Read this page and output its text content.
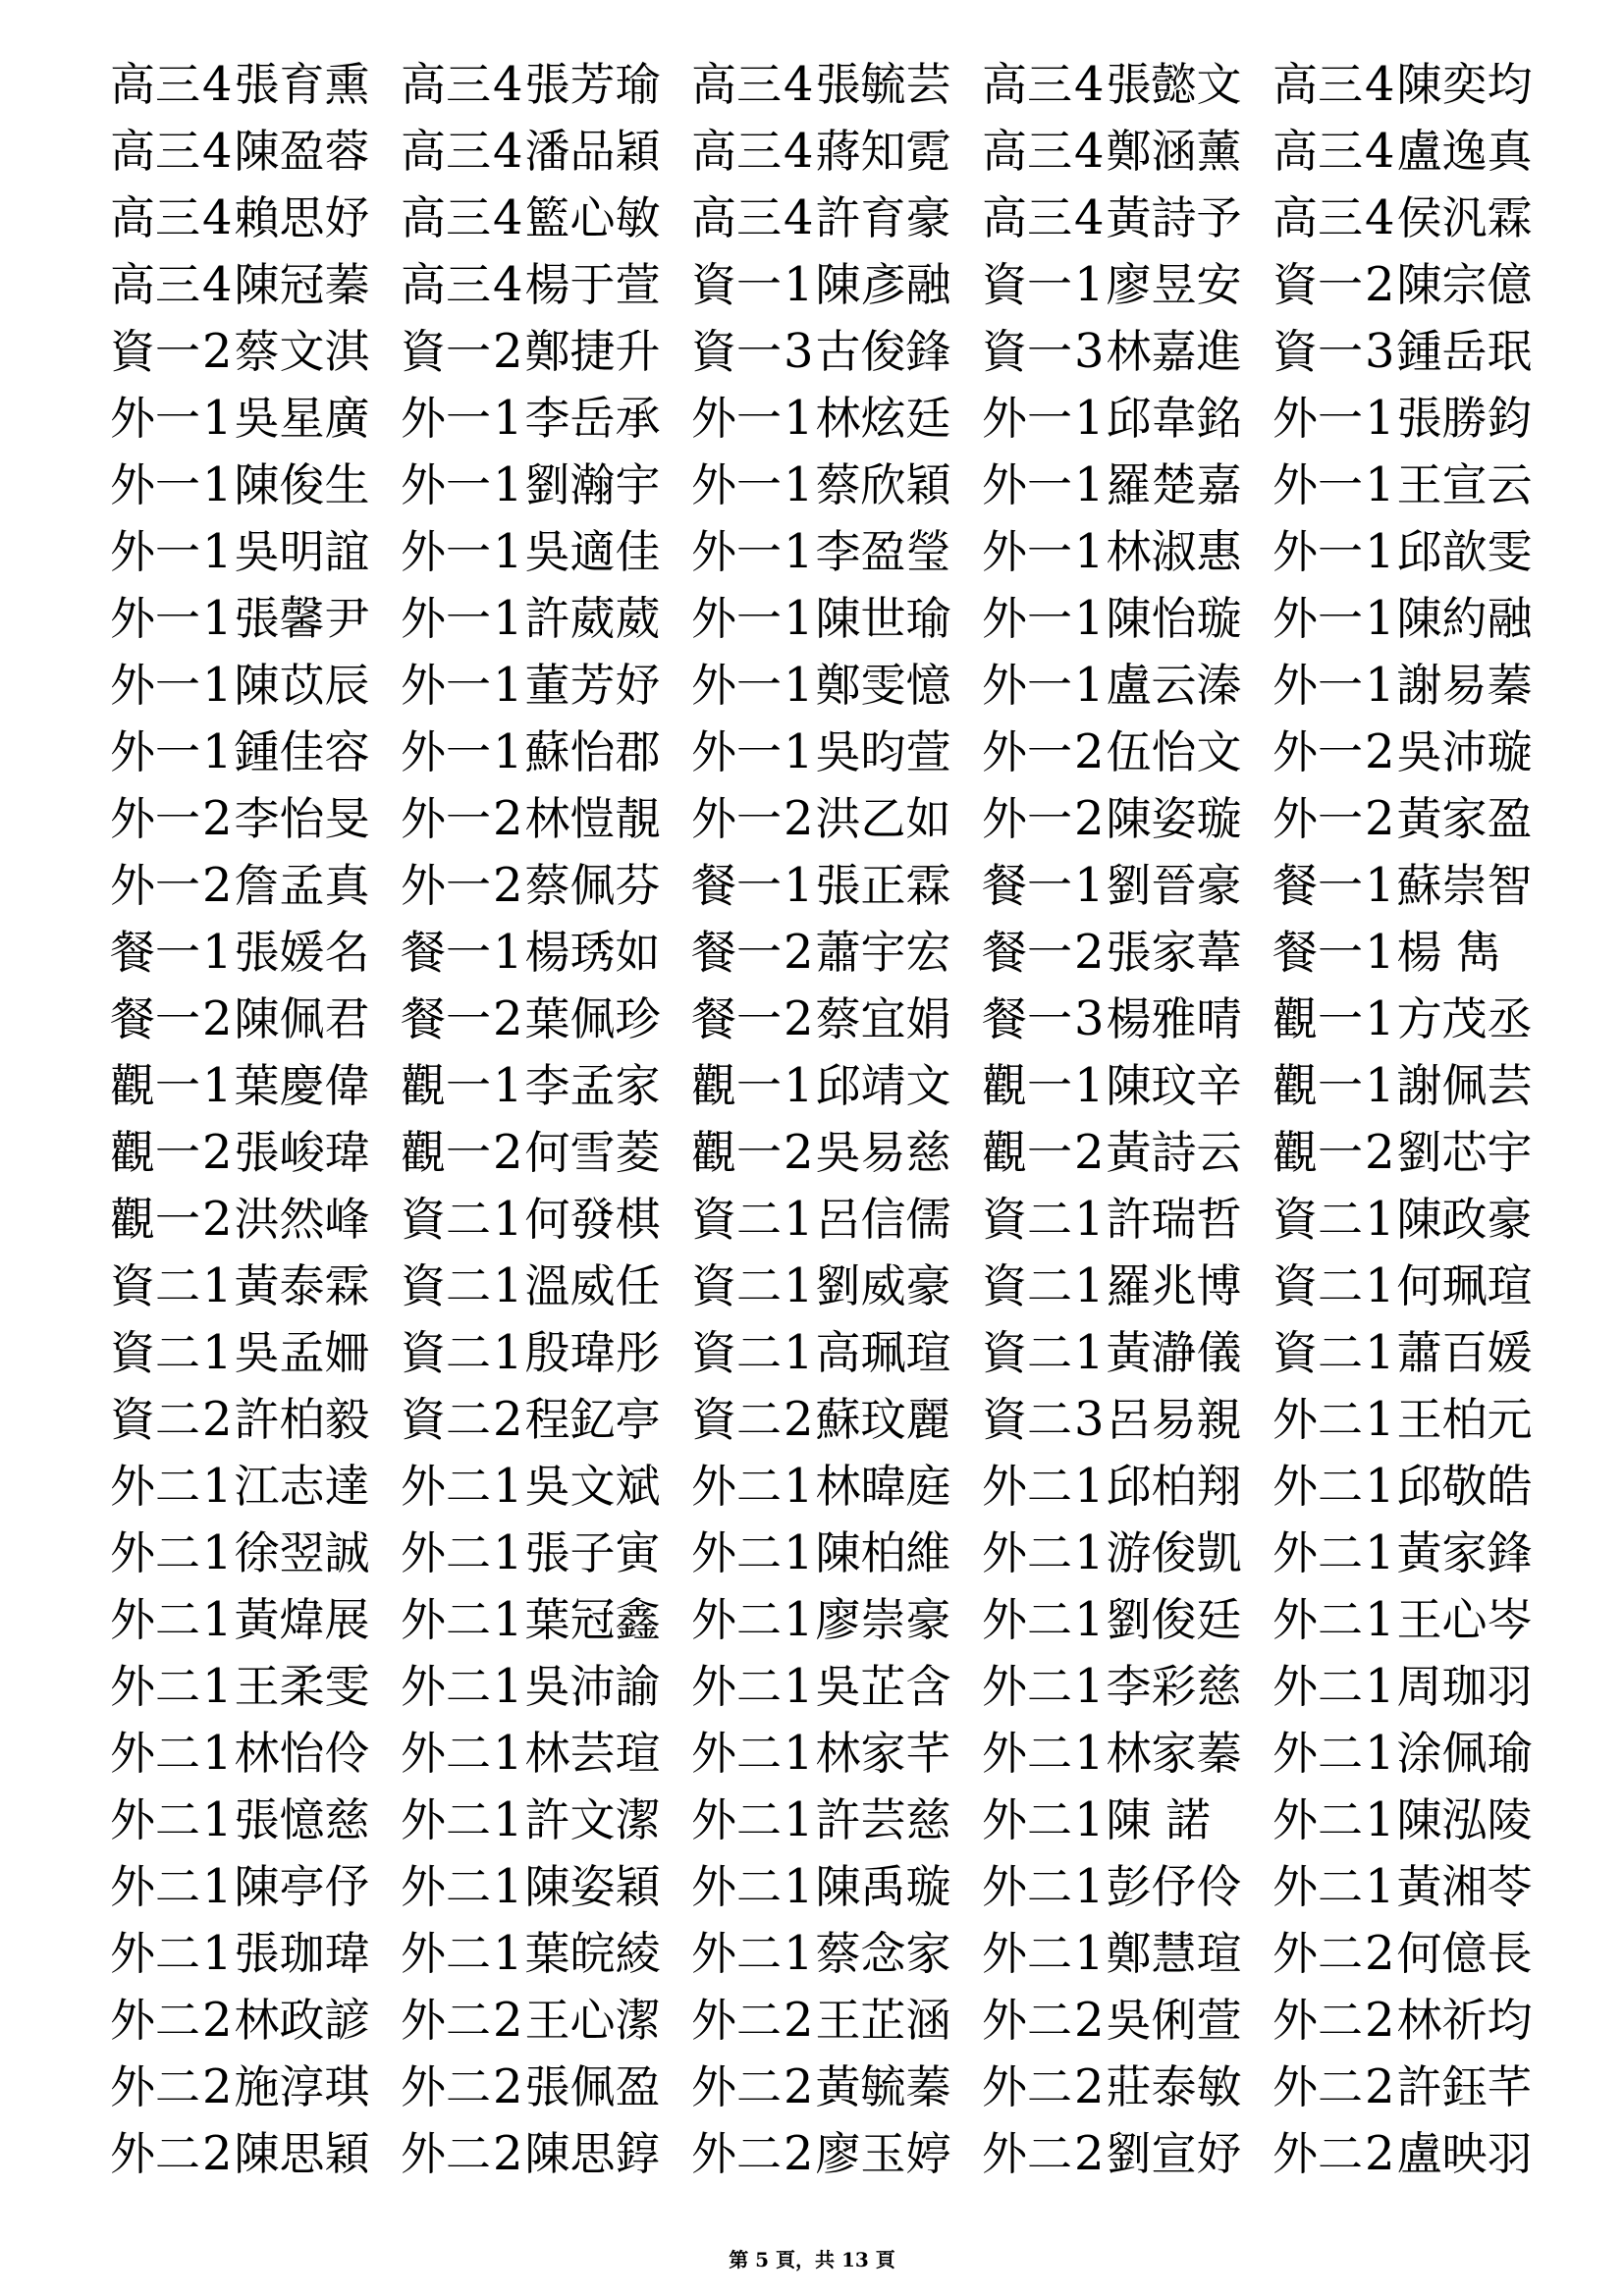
高三 4 張育熏 高三 4 張芳瑜 高三 4 張毓芸 高三 4 張懿文 高三 4 陳奕均
高三 4 陳盈蓉 高三 4 潘品穎 高三 4 蔣知霓 高三 4 鄭涵薰 高三 4 盧逸真
高三 4 賴思妤 高三 4 籃心敏 高三 4 許育豪 高三 4 黃詩予 高三 4 侯汎霖
高三 4 陳冠蓁 高三 4 楊于萱 資一 1 陳彥融 資一 1 廖昱安 資一 2 陳宗億
資一 2 蔡文淇 資一 2 鄭捷升 資一 3 古俊鋒 資一 3 林嘉進 資一 3 鍾岳珉
外一 1 吳星廣 外一 1 李岳承 外一 1 林炫廷 外一 1 邱韋銘 外一 1 張勝鈞
外一 1 陳俊生 外一 1 劉瀚宇 外一 1 蔡欣穎 外一 1 羅楚嘉 外一 1 王宣云
外一 1 吳明誼 外一 1 吳適佳 外一 1 李盈瑩 外一 1 林淑惠 外一 1 邱歆雯
外一 1 張馨尹 外一 1 許葳葳 外一 1 陳世瑜 外一 1 陳怡璇 外一 1 陳約融
外一 1 陳苡辰 外一 1 董芳妤 外一 1 鄭雯憶 外一 1 盧云溱 外一 1 謝易蓁
外一 1 鍾佳容 外一 1 蘇怡郡 外一 1 吳昀萱 外一 2 伍怡文 外一 2 吳沛璇
外一 2 李怡旻 外一 2 林愷靚 外一 2 洪乙如 外一 2 陳姿璇 外一 2 黃家盈
外一 2 詹孟真 外一 2 蔡佩芬 餐一 1 張正霖 餐一 1 劉晉豪 餐一 1 蘇崇智
餐一 1 張媛名 餐一 1 楊琇如 餐一 2 蕭宇宏 餐一 2 張家葦 餐一 1 楊 雋
餐一 2 陳佩君 餐一 2 葉佩珍 餐一 2 蔡宜娟 餐一 3 楊雅晴 觀一 1 方茂丞
觀一 1 葉慶偉 觀一 1 李孟家 觀一 1 邱靖文 觀一 1 陳玟辛 觀一 1 謝佩芸
觀一 2 張峻瑋 觀一 2 何雪菱 觀一 2 吳易慈 觀一 2 黃詩云 觀一 2 劉芯宇
觀一 2 洪然峰 資二 1 何發棋 資二 1 呂信儒 資二 1 許瑞哲 資二 1 陳政豪
資二 1 黃泰霖 資二 1 溫威任 資二 1 劉威豪 資二 1 羅兆博 資二 1 何珮瑄
資二 1 吳孟姍 資二 1 殷瑋彤 資二 1 高珮瑄 資二 1 黃瀞儀 資二 1 蕭百媛
資二 2 許柏毅 資二 2 程釔亭 資二 2 蘇玟麗 資二 3 呂易親 外二 1 王柏元
外二 1 江志達 外二 1 吳文斌 外二 1 林暐庭 外二 1 邱柏翔 外二 1 邱敬皓
外二 1 徐翌誠 外二 1 張子寅 外二 1 陳柏維 外二 1 游俊凱 外二 1 黃家鋒
外二 1 黃煒展 外二 1 葉冠鑫 外二 1 廖崇豪 外二 1 劉俊廷 外二 1 王心岑
外二 1 王柔雯 外二 1 吳沛諭 外二 1 吳芷含 外二 1 李彩慈 外二 1 周珈羽
外二 1 林怡伶 外二 1 林芸瑄 外二 1 林家芊 外二 1 林家蓁 外二 1 涂佩瑜
外二 1 張憶慈 外二 1 許文潔 外二 1 許芸慈 外二 1 陳 諾 外二 1 陳泓陵
外二 1 陳亭伃 外二 1 陳姿穎 外二 1 陳禹璇 外二 1 彭伃伶 外二 1 黃湘苓
外二 1 張珈瑋 外二 1 葉皖綾 外二 1 蔡念家 外二 1 鄭慧瑄 外二 2 何億長
外二 2 林政諺 外二 2 王心潔 外二 2 王芷涵 外二 2 吳俐萱 外二 2 林祈均
外二 2 施淳琪 外二 2 張佩盈 外二 2 黃毓蓁 外二 2 莊泰敏 外二 2 許鈺芊
外二 2 陳思穎 外二 2 陳思錞 外二 2 廖玉婷 外二 2 劉宣妤 外二 2 盧映羽
第 5 頁，共 13 頁
